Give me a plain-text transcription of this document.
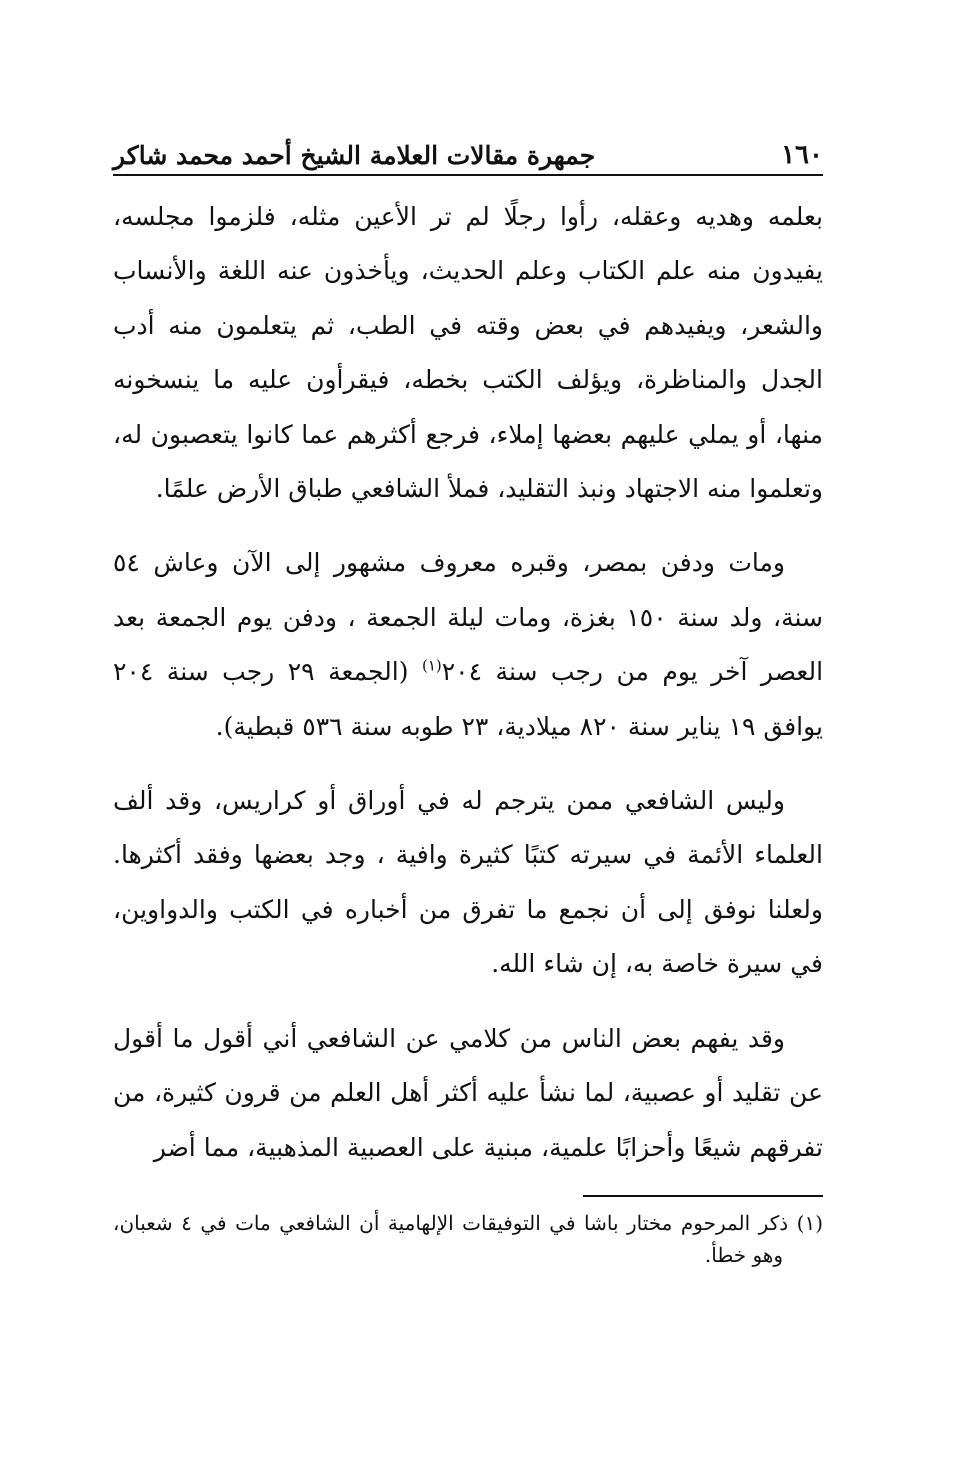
١٦٠
جمهرة مقالات العلامة الشيخ أحمد محمد شاكر

بعلمه وهديه وعقله، رأوا رجلًا لم تر الأعين مثله، فلزموا مجلسه، يفيدون منه علم الكتاب وعلم الحديث، ويأخذون عنه اللغة والأنساب والشعر، ويفيدهم في بعض وقته في الطب، ثم يتعلمون منه أدب الجدل والمناظرة، ويؤلف الكتب بخطه، فيقرأون عليه ما ينسخونه منها، أو يملي عليهم بعضها إملاء، فرجع أكثرهم عما كانوا يتعصبون له، وتعلموا منه الاجتهاد ونبذ التقليد، فملأ الشافعي طباق الأرض علمًا.

ومات ودفن بمصر، وقبره معروف مشهور إلى الآن وعاش ٥٤ سنة، ولد سنة ١٥٠ بغزة، ومات ليلة الجمعة ، ودفن يوم الجمعة بعد العصر آخر يوم من رجب سنة ٢٠٤$^{(١)}$ (الجمعة ٢٩ رجب سنة ٢٠٤ يوافق ١٩ يناير سنة ٨٢٠ ميلادية، ٢٣ طوبه سنة ٥٣٦ قبطية).

وليس الشافعي ممن يترجم له في أوراق أو كراريس، وقد ألف العلماء الأئمة في سيرته كتبًا كثيرة وافية ، وجد بعضها وفقد أكثرها. ولعلنا نوفق إلى أن نجمع ما تفرق من أخباره في الكتب والدواوين، في سيرة خاصة به، إن شاء الله.

وقد يفهم بعض الناس من كلامي عن الشافعي أني أقول ما أقول عن تقليد أو عصبية، لما نشأ عليه أكثر أهل العلم من قرون كثيرة، من تفرقهم شيعًا وأحزابًا علمية، مبنية على العصبية المذهبية، مما أضر

(١) ذكر المرحوم مختار باشا في التوفيقات الإلهامية أن الشافعي مات في ٤ شعبان، وهو خطأ.
